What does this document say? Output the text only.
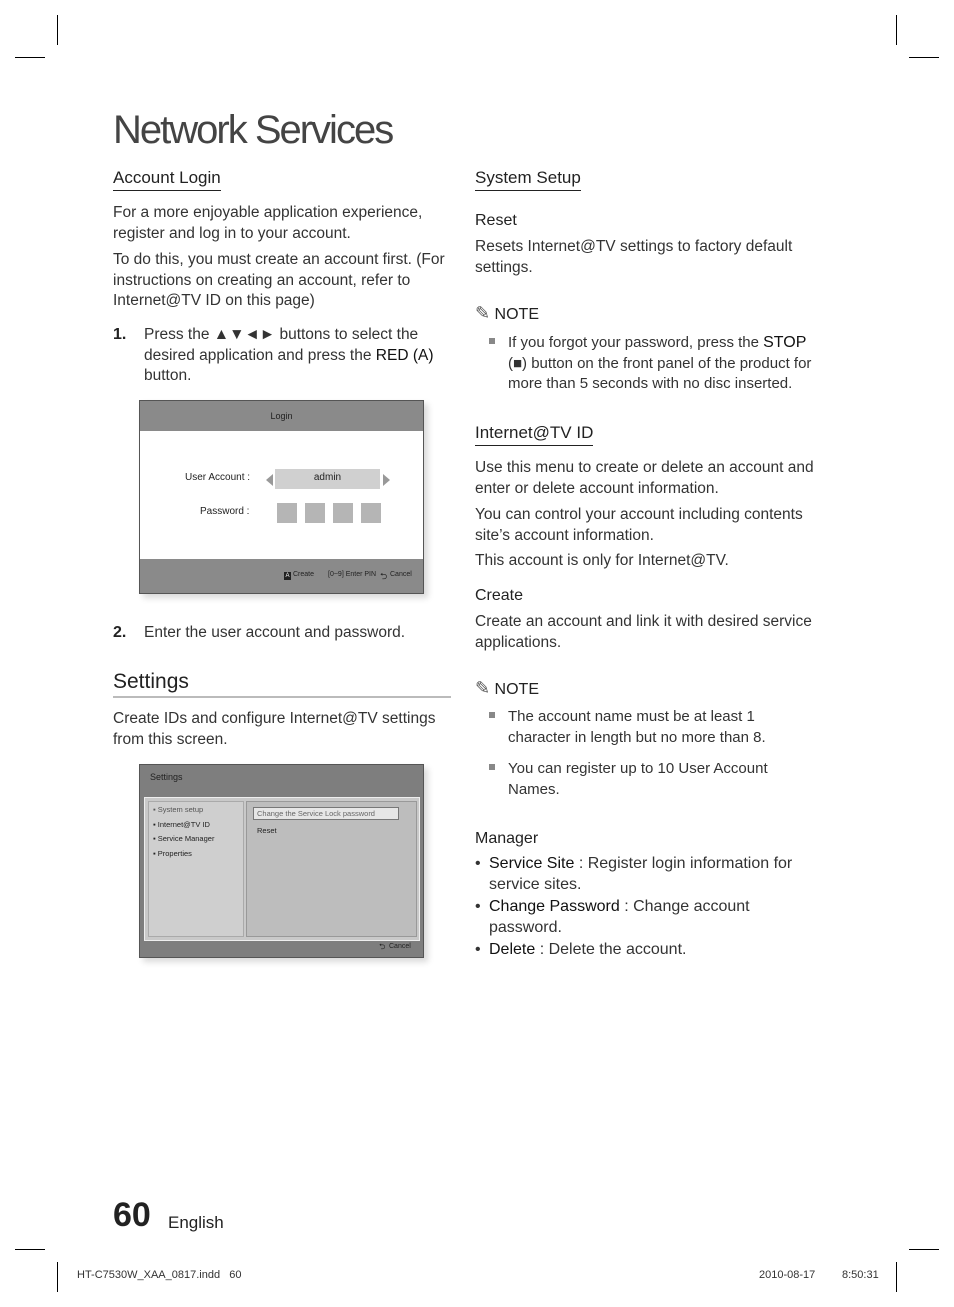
Network Services
Account Login
For a more enjoyable application experience, register and log in to your account.
To do this, you must create an account first. (For instructions on creating an account, refer to Internet@TV ID on this page)
1. Press the ▲▼◄► buttons to select the desired application and press the RED (A) button.
Login
User Account :	admin
Password :
A Create [0~9] Enter PIN ⮌ Cancel
2. Enter the user account and password.
Settings
Create IDs and configure Internet@TV settings from this screen.
Settings
▪ System setup
▪ Internet@TV ID
▪ Service Manager
▪ Properties
Change the Service Lock password
Reset
⮌ Cancel
System Setup
Reset
Resets Internet@TV settings to factory default settings.
✎ NOTE
If you forgot your password, press the STOP (■) button on the front panel of the product for more than 5 seconds with no disc inserted.
Internet@TV ID
Use this menu to create or delete an account and enter or delete account information.
You can control your account including contents site’s account information.
This account is only for Internet@TV.
Create
Create an account and link it with desired service applications.
✎ NOTE
The account name must be at least 1 character in length but no more than 8.
You can register up to 10 User Account Names.
Manager
• Service Site : Register login information for service sites.
• Change Password : Change account password.
• Delete : Delete the account.
60 English
HT-C7530W_XAA_0817.indd   60	2010-08-17 8:50:31
